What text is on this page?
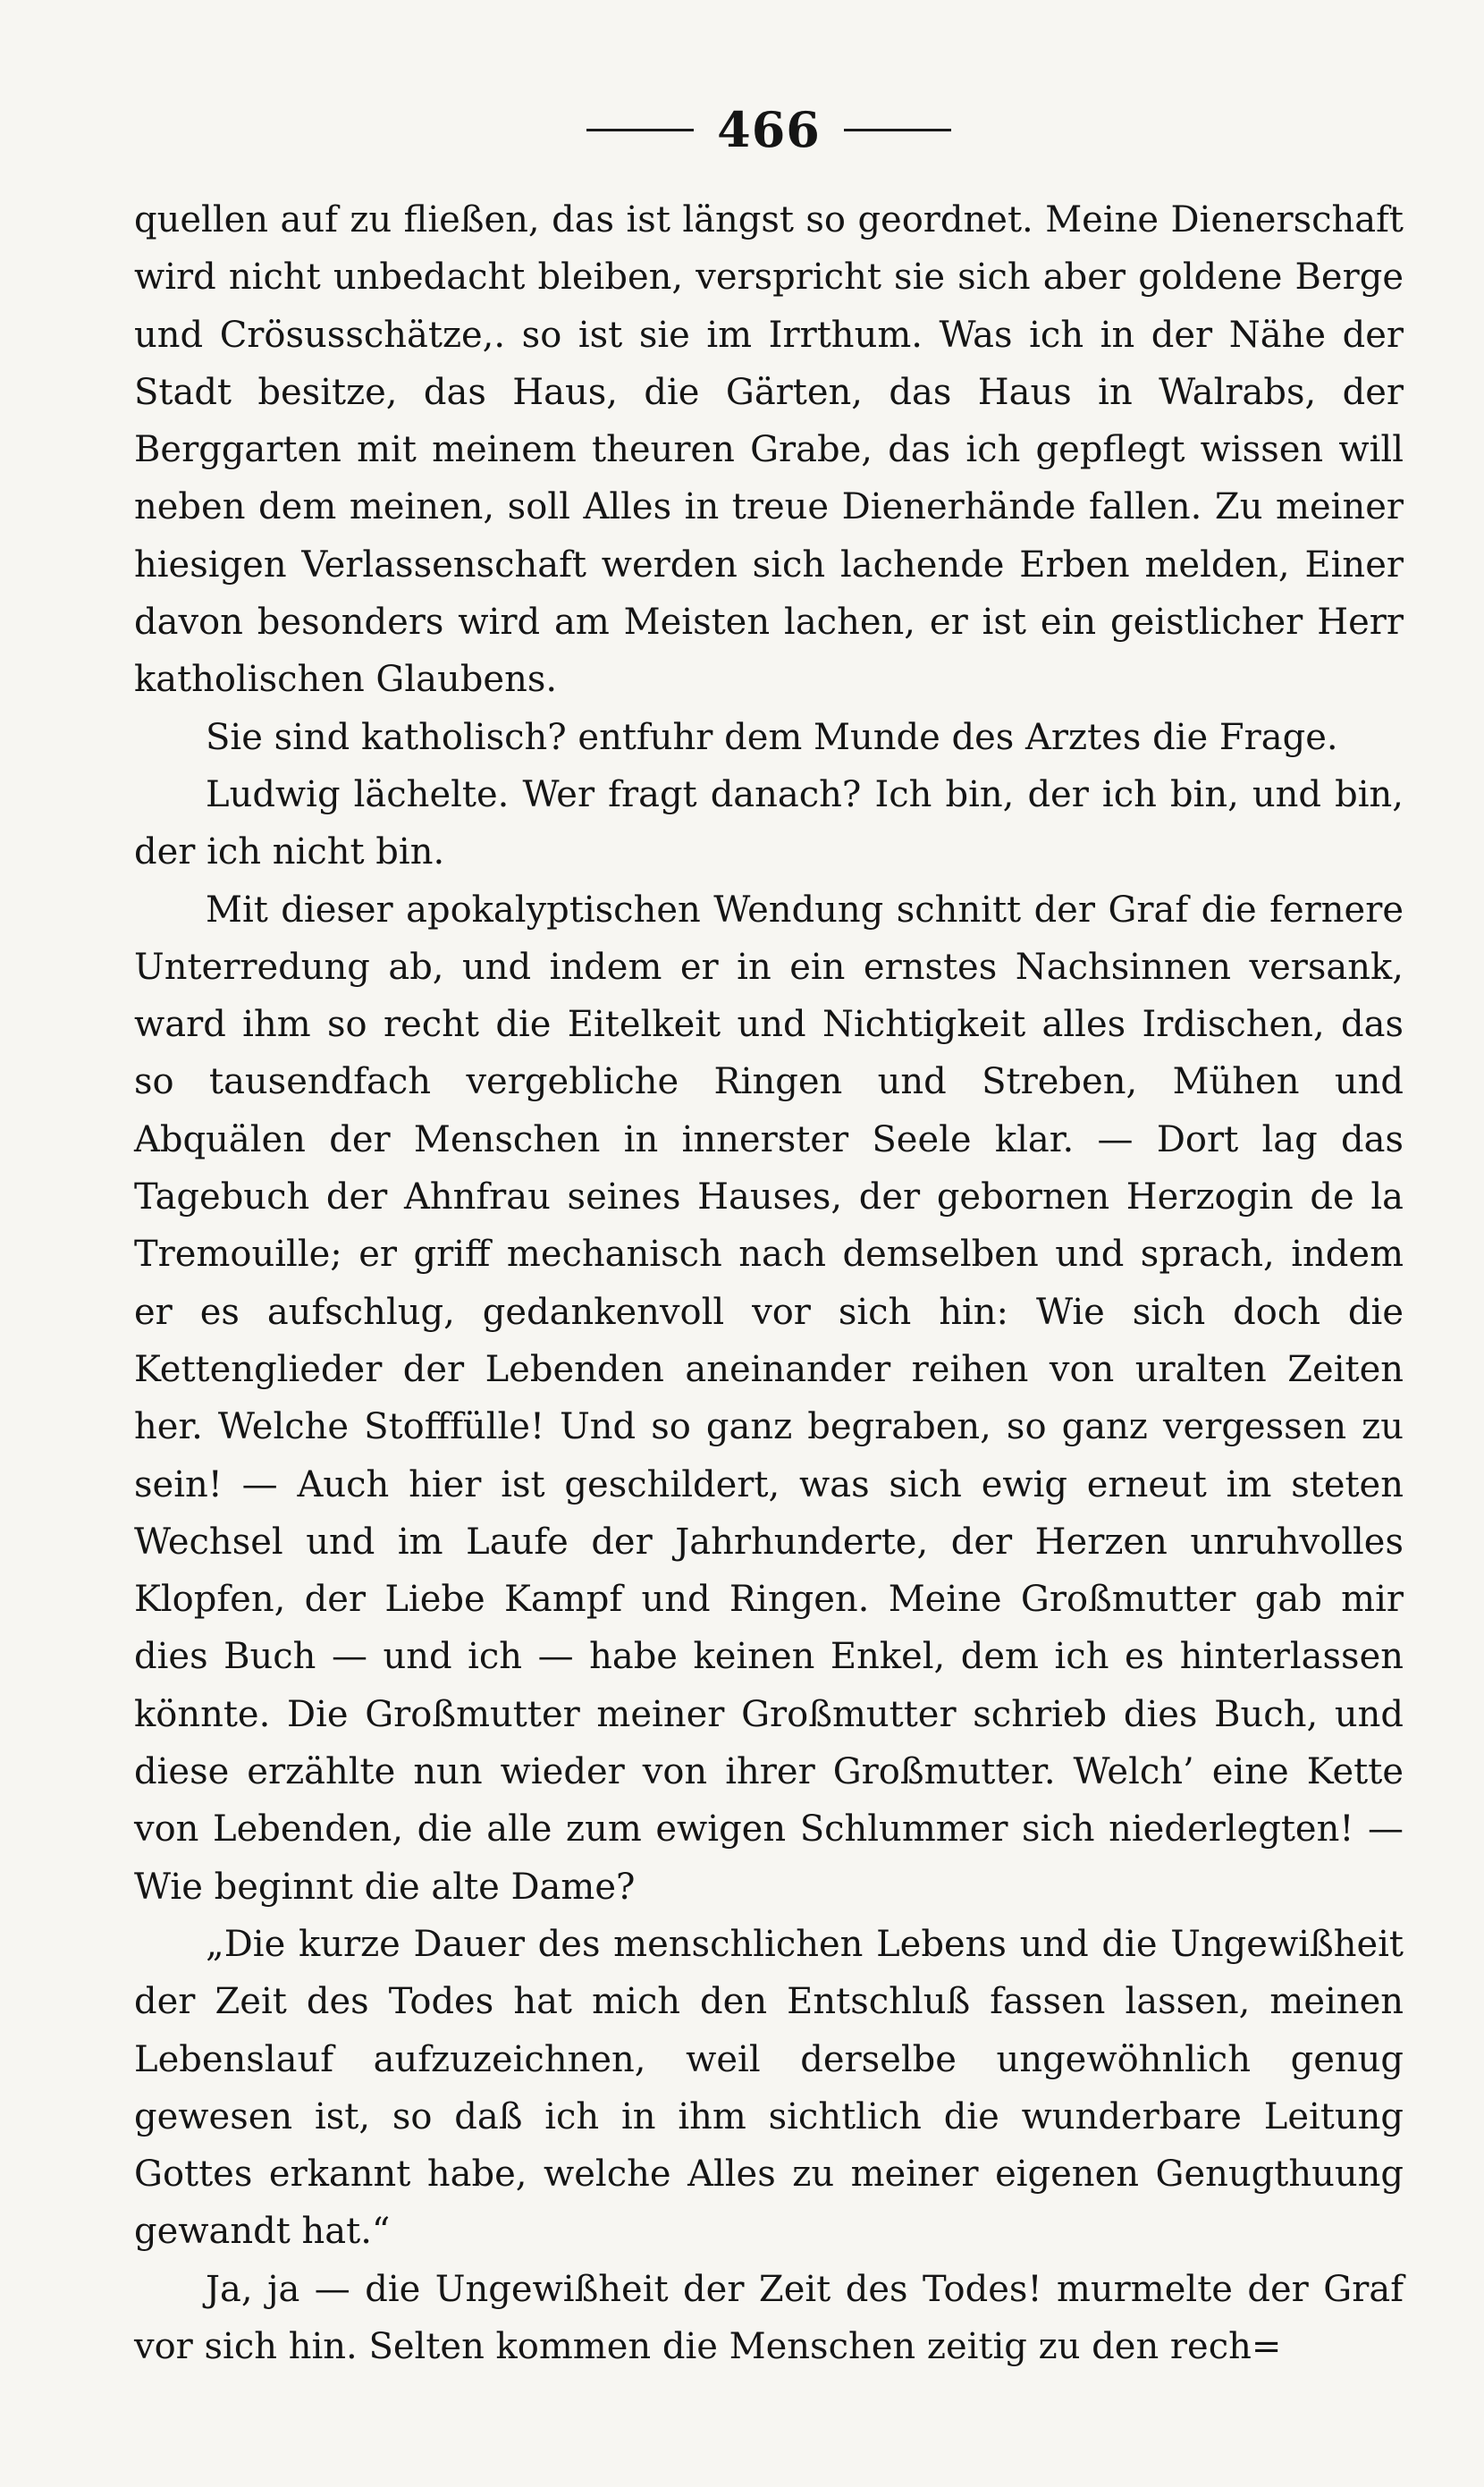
466

quellen auf zu fließen, das ist längst so geordnet. Meine Dienerschaft wird nicht unbedacht bleiben, verspricht sie sich aber goldene Berge und Crösusschätze,. so ist sie im Irrthum. Was ich in der Nähe der Stadt besitze, das Haus, die Gärten, das Haus in Walrabs, der Berggarten mit meinem theuren Grabe, das ich gepflegt wissen will neben dem meinen, soll Alles in treue Dienerhände fallen. Zu meiner hiesigen Verlassenschaft werden sich lachende Erben melden, Einer davon besonders wird am Meisten lachen, er ist ein geistlicher Herr katholischen Glaubens.

Sie sind katholisch? entfuhr dem Munde des Arztes die Frage.

Ludwig lächelte. Wer fragt danach? Ich bin, der ich bin, und bin, der ich nicht bin.

Mit dieser apokalyptischen Wendung schnitt der Graf die fernere Unterredung ab, und indem er in ein ernstes Nachsinnen versank, ward ihm so recht die Eitelkeit und Nichtigkeit alles Irdischen, das so tausendfach vergebliche Ringen und Streben, Mühen und Abquälen der Menschen in innerster Seele klar. — Dort lag das Tagebuch der Ahnfrau seines Hauses, der gebornen Herzogin de la Tremouille; er griff mechanisch nach demselben und sprach, indem er es aufschlug, gedankenvoll vor sich hin: Wie sich doch die Kettenglieder der Lebenden aneinander reihen von uralten Zeiten her. Welche Stofffülle! Und so ganz begraben, so ganz vergessen zu sein! — Auch hier ist geschildert, was sich ewig erneut im steten Wechsel und im Laufe der Jahrhunderte, der Herzen unruhvolles Klopfen, der Liebe Kampf und Ringen. Meine Großmutter gab mir dies Buch — und ich — habe keinen Enkel, dem ich es hinterlassen könnte. Die Großmutter meiner Großmutter schrieb dies Buch, und diese erzählte nun wieder von ihrer Großmutter. Welch’ eine Kette von Lebenden, die alle zum ewigen Schlummer sich niederlegten! — Wie beginnt die alte Dame?

„Die kurze Dauer des menschlichen Lebens und die Ungewißheit der Zeit des Todes hat mich den Entschluß fassen lassen, meinen Lebenslauf aufzuzeichnen, weil derselbe ungewöhnlich genug gewesen ist, so daß ich in ihm sichtlich die wunderbare Leitung Gottes erkannt habe, welche Alles zu meiner eigenen Genugthuung gewandt hat.“

Ja, ja — die Ungewißheit der Zeit des Todes! murmelte der Graf vor sich hin. Selten kommen die Menschen zeitig zu den rech=
